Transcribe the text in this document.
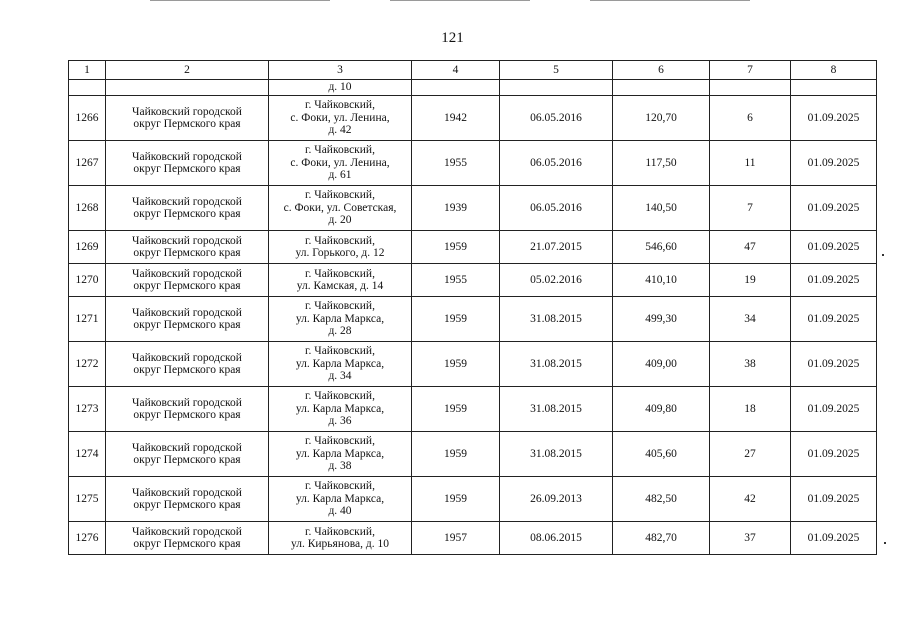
121
1	2	3	4	5	6	7	8
		д. 10					
1266	Чайковский городской
округ Пермского края	г. Чайковский,
с. Фоки, ул. Ленина,
д. 42	1942	06.05.2016	120,70	6	01.09.2025
1267	Чайковский городской
округ Пермского края	г. Чайковский,
с. Фоки, ул. Ленина,
д. 61	1955	06.05.2016	117,50	11	01.09.2025
1268	Чайковский городской
округ Пермского края	г. Чайковский,
с. Фоки, ул. Советская,
д. 20	1939	06.05.2016	140,50	7	01.09.2025
1269	Чайковский городской
округ Пермского края	г. Чайковский,
ул. Горького, д. 12	1959	21.07.2015	546,60	47	01.09.2025
1270	Чайковский городской
округ Пермского края	г. Чайковский,
ул. Камская, д. 14	1955	05.02.2016	410,10	19	01.09.2025
1271	Чайковский городской
округ Пермского края	г. Чайковский,
ул. Карла Маркса,
д. 28	1959	31.08.2015	499,30	34	01.09.2025
1272	Чайковский городской
округ Пермского края	г. Чайковский,
ул. Карла Маркса,
д. 34	1959	31.08.2015	409,00	38	01.09.2025
1273	Чайковский городской
округ Пермского края	г. Чайковский,
ул. Карла Маркса,
д. 36	1959	31.08.2015	409,80	18	01.09.2025
1274	Чайковский городской
округ Пермского края	г. Чайковский,
ул. Карла Маркса,
д. 38	1959	31.08.2015	405,60	27	01.09.2025
1275	Чайковский городской
округ Пермского края	г. Чайковский,
ул. Карла Маркса,
д. 40	1959	26.09.2013	482,50	42	01.09.2025
1276	Чайковский городской
округ Пермского края	г. Чайковский,
ул. Кирьянова, д. 10	1957	08.06.2015	482,70	37	01.09.2025
